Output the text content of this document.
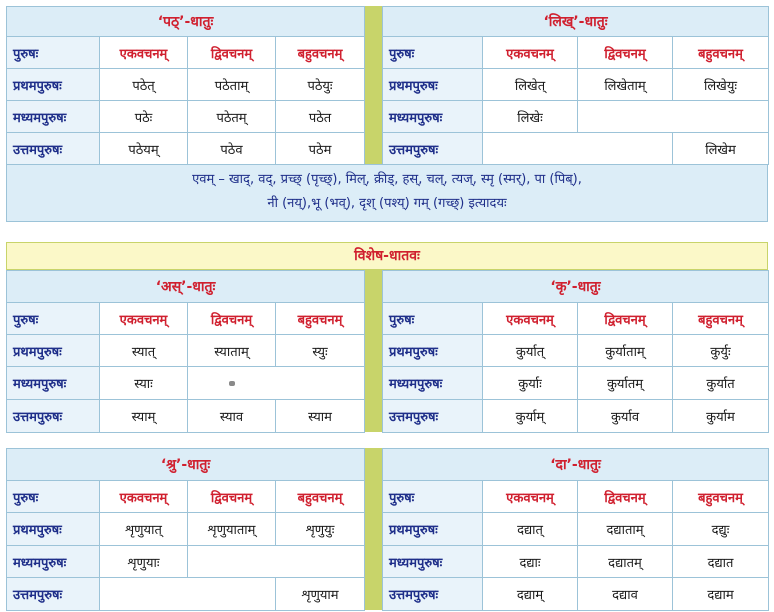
‘पठ्’-धातुः			
पुरुषः	एकवचनम्	द्विवचनम्	बहुवचनम्
प्रथमपुरुषः	पठेत्	पठेताम्	पठेयुः
मध्यमपुरुषः	पठेः	पठेतम्	पठेत
उत्तमपुरुषः	पठेयम्	पठेव	पठेम
‘लिख्’-धातुः			
पुरुषः	एकवचनम्	द्विवचनम्	बहुवचनम्
प्रथमपुरुषः	लिखेत्	लिखेताम्	लिखेयुः
मध्यमपुरुषः	लिखेः		
उत्तमपुरुषः			लिखेम
एवम् – खाद्, वद्, प्रच्छ् (पृच्छ्), मिल्, क्रीड्, हस्, चल्, त्यज्, स्मृ (स्मर्), पा (पिब्),
नी (नय्),भू (भव्), दृश् (पश्य्) गम् (गच्छ्) इत्यादयः
विशेष-धातवः
‘अस्’-धातुः			
पुरुषः	एकवचनम्	द्विवचनम्	बहुवचनम्
प्रथमपुरुषः	स्यात्	स्याताम्	स्युः
मध्यमपुरुषः	स्याः		
उत्तमपुरुषः	स्याम्	स्याव	स्याम
‘कृ’-धातुः			
पुरुषः	एकवचनम्	द्विवचनम्	बहुवचनम्
प्रथमपुरुषः	कुर्यात्	कुर्याताम्	कुर्युः
मध्यमपुरुषः	कुर्याः	कुर्यातम्	कुर्यात
उत्तमपुरुषः	कुर्याम्	कुर्याव	कुर्याम
‘श्रु’-धातुः			
पुरुषः	एकवचनम्	द्विवचनम्	बहुवचनम्
प्रथमपुरुषः	शृणुयात्	शृणुयाताम्	शृणुयुः
मध्यमपुरुषः	शृणुयाः		
उत्तमपुरुषः			शृणुयाम
‘दा’-धातुः			
पुरुषः	एकवचनम्	द्विवचनम्	बहुवचनम्
प्रथमपुरुषः	दद्यात्	दद्याताम्	दद्युः
मध्यमपुरुषः	दद्याः	दद्यातम्	दद्यात
उत्तमपुरुषः	दद्याम्	दद्याव	दद्याम
